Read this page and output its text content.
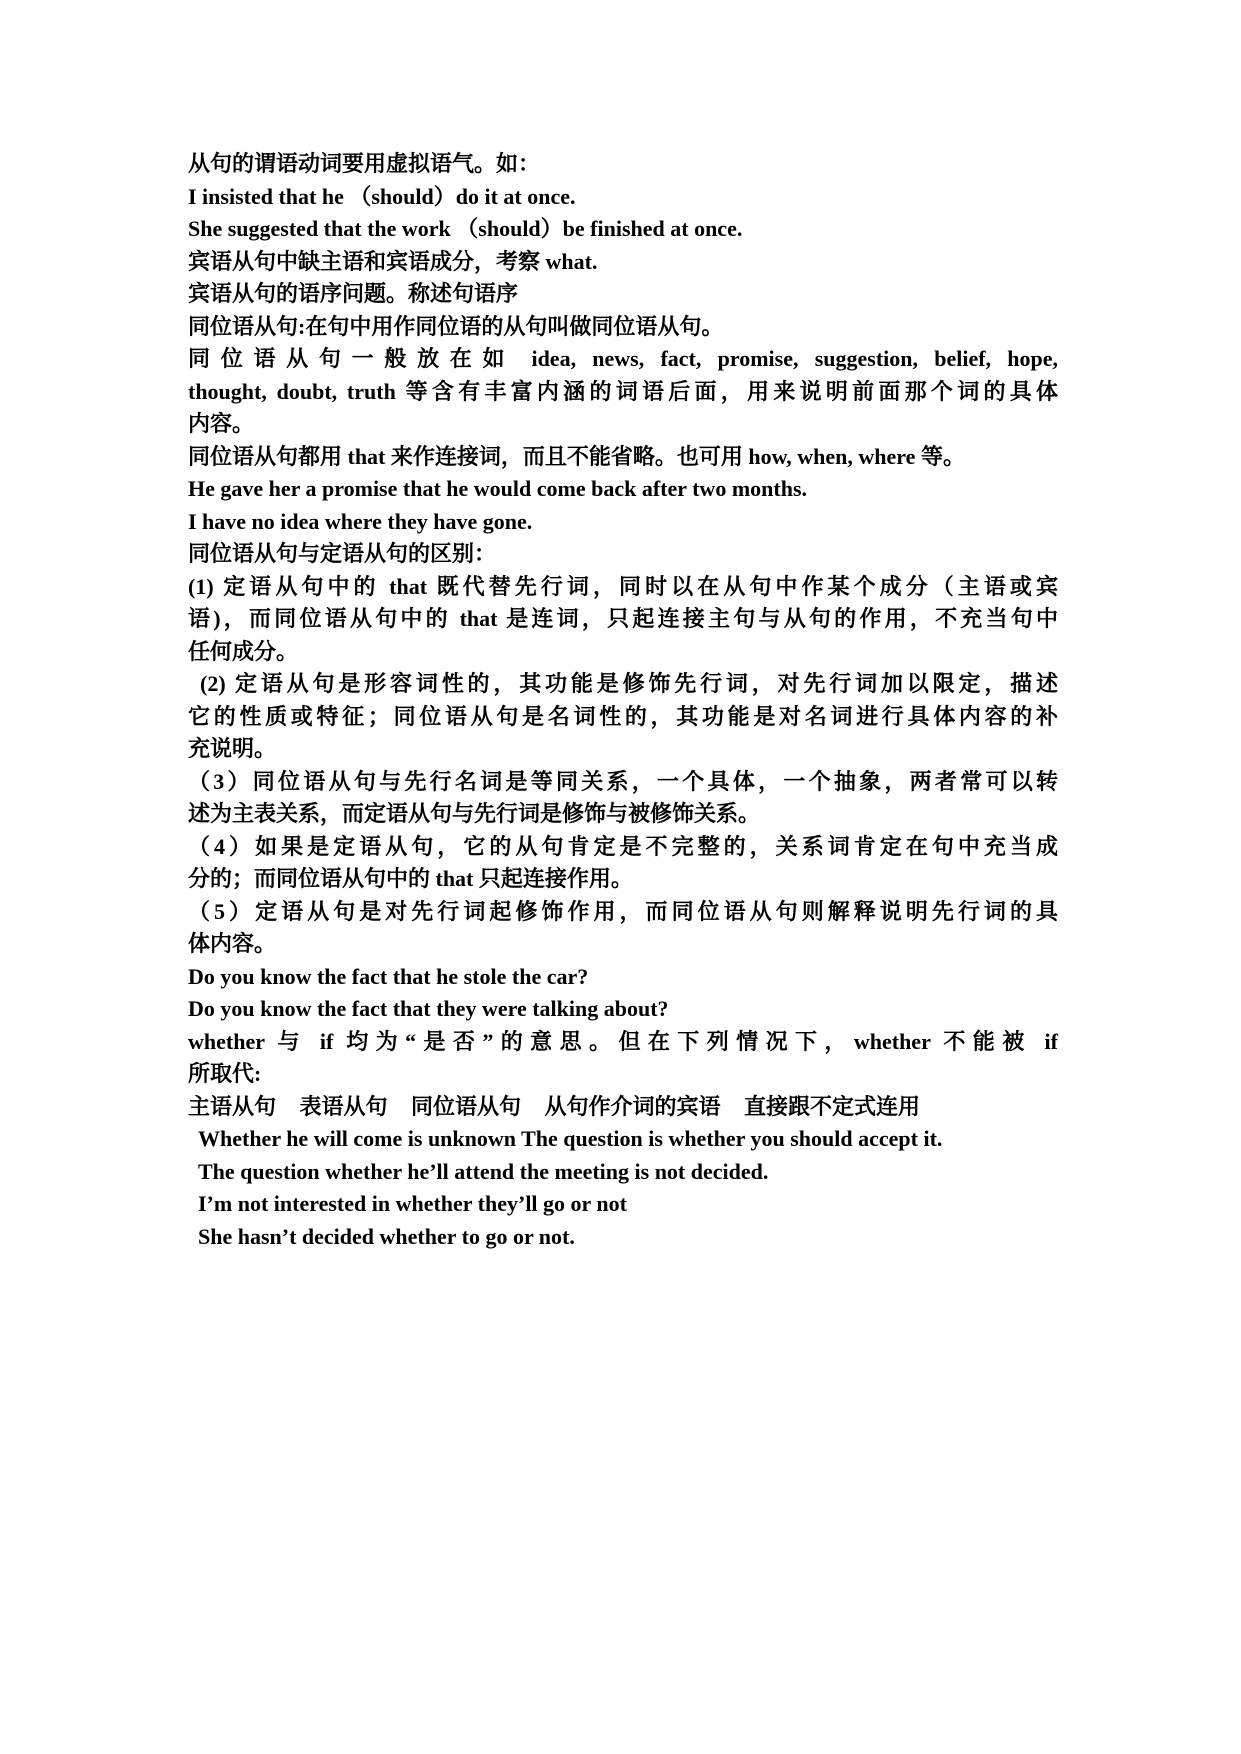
从句的谓语动词要用虚拟语气。如：
I insisted that he （should）do it at once.
She suggested that the work （should）be finished at once.
宾语从句中缺主语和宾语成分，考察 what.
宾语从句的语序问题。称述句语序
同位语从句:在句中用作同位语的从句叫做同位语从句。
同位语从句一般放在如 idea, news, fact, promise, suggestion, belief, hope,
thought, doubt, truth 等含有丰富内涵的词语后面，用来说明前面那个词的具体
内容。
同位语从句都用 that 来作连接词，而且不能省略。也可用 how, when, where 等。
He gave her a promise that he would come back after two months.
I have no idea where they have gone.
同位语从句与定语从句的区别：
(1) 定语从句中的 that 既代替先行词，同时以在从句中作某个成分（主语或宾
语)，而同位语从句中的 that 是连词，只起连接主句与从句的作用，不充当句中
任何成分。
(2) 定语从句是形容词性的，其功能是修饰先行词，对先行词加以限定，描述
它的性质或特征；同位语从句是名词性的，其功能是对名词进行具体内容的补
充说明。
（3）同位语从句与先行名词是等同关系，一个具体，一个抽象，两者常可以转
述为主表关系，而定语从句与先行词是修饰与被修饰关系。
（4）如果是定语从句，它的从句肯定是不完整的，关系词肯定在句中充当成
分的；而同位语从句中的 that 只起连接作用。
（5）定语从句是对先行词起修饰作用，而同位语从句则解释说明先行词的具
体内容。
Do you know the fact that he stole the car?
Do you know the fact that they were talking about?
whether 与 if 均为“是否”的意思。但在下列情况下，whether 不能被 if
所取代:
主语从句 表语从句 同位语从句 从句作介词的宾语 直接跟不定式连用
Whether he will come is unknown The question is whether you should accept it.
The question whether he’ll attend the meeting is not decided.
I’m not interested in whether they’ll go or not
She hasn’t decided whether to go or not.
